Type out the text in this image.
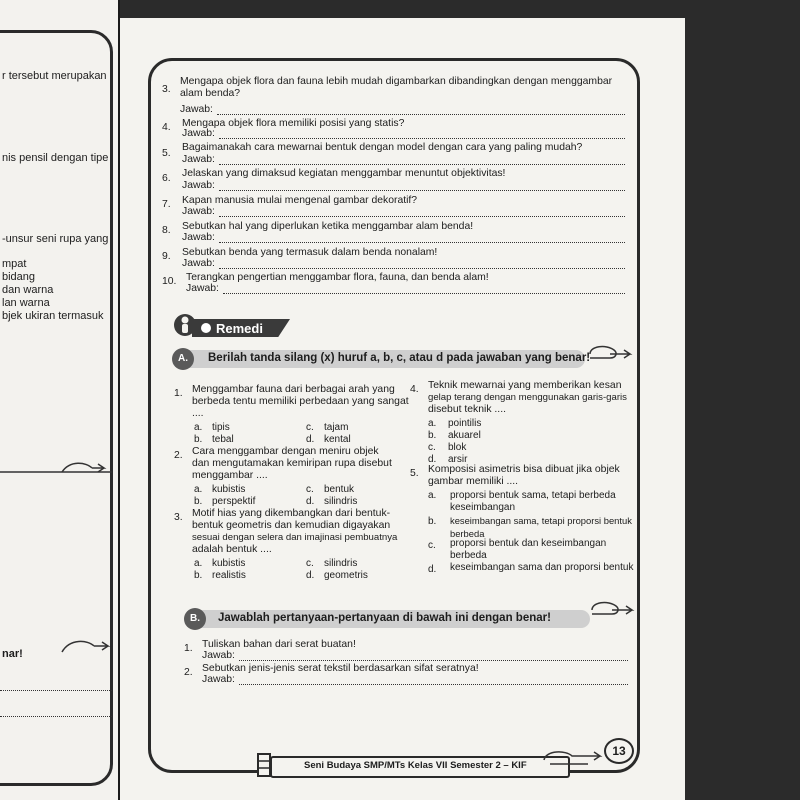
r tersebut merupakan
nis pensil dengan tipe
-unsur seni rupa yang
mpat
bidang
dan warna
lan warna
bjek ukiran termasuk
nar!
3.
Mengapa objek flora dan fauna lebih mudah digambarkan dibandingkan dengan menggambar alam benda?
Jawab:
4. Mengapa objek flora memiliki posisi yang statis?
Jawab:
5.
Bagaimanakah cara mewarnai bentuk dengan model dengan cara yang paling mudah?
Jawab:
6. Jelaskan yang dimaksud kegiatan menggambar menuntut objektivitas!
Jawab:
7. Kapan manusia mulai mengenal gambar dekoratif?
Jawab:
8. Sebutkan hal yang diperlukan ketika menggambar alam benda!
Jawab:
9. Sebutkan benda yang termasuk dalam benda nonalam!
Jawab:
10. Terangkan pengertian menggambar flora, fauna, dan benda alam!
Jawab:
Remedi
A.	Berilah tanda silang (x) huruf a, b, c, atau d pada jawaban yang benar!
1. Menggambar fauna dari berbagai arah yang
berbeda tentu memiliki perbedaan yang sangat
....
a. tipis
b. tebal
c. tajam
d. kental
2. Cara menggambar dengan meniru objek
dan mengutamakan kemiripan rupa disebut
menggambar ....
a. kubistis
b. perspektif
c. bentuk
d. silindris
3. Motif hias yang dikembangkan dari bentuk-
bentuk geometris dan kemudian digayakan
sesuai dengan selera dan imajinasi pembuatnya
adalah bentuk ....
a. kubistis
b. realistis
c. silindris
d. geometris
4. Teknik mewarnai yang memberikan kesan
gelap terang dengan menggunakan garis-garis
disebut teknik ....
a. pointilis
b. akuarel
c. blok
d. arsir
5. Komposisi asimetris bisa dibuat jika objek
gambar memiliki ....
a. proporsi bentuk sama, tetapi berbeda keseimbangan
b. keseimbangan sama, tetapi proporsi bentuk berbeda
c. proporsi bentuk dan keseimbangan berbeda
d. keseimbangan sama dan proporsi bentuk
B.	Jawablah pertanyaan-pertanyaan di bawah ini dengan benar!
1. Tuliskan bahan dari serat buatan!
Jawab:
2. Sebutkan jenis-jenis serat tekstil berdasarkan sifat seratnya!
Jawab:
Seni Budaya SMP/MTs Kelas VII Semester 2 – KIF
13
